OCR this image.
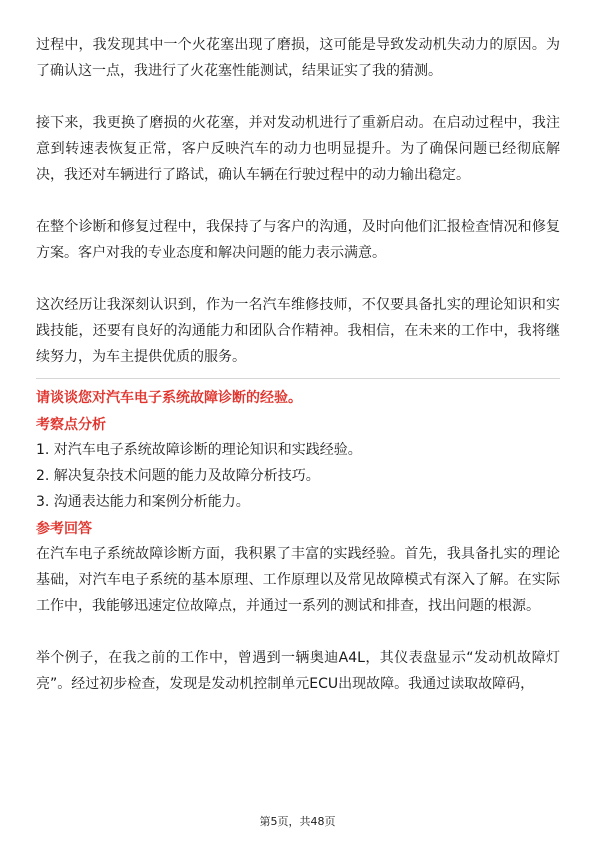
过程中，我发现其中一个火花塞出现了磨损，这可能是导致发动机失动力的原因。为了确认这一点，我进行了火花塞性能测试，结果证实了我的猜测。

接下来，我更换了磨损的火花塞，并对发动机进行了重新启动。在启动过程中，我注意到转速表恢复正常，客户反映汽车的动力也明显提升。为了确保问题已经彻底解决，我还对车辆进行了路试，确认车辆在行驶过程中的动力输出稳定。

在整个诊断和修复过程中，我保持了与客户的沟通，及时向他们汇报检查情况和修复方案。客户对我的专业态度和解决问题的能力表示满意。

这次经历让我深刻认识到，作为一名汽车维修技师，不仅要具备扎实的理论知识和实践技能，还要有良好的沟通能力和团队合作精神。我相信，在未来的工作中，我将继续努力，为车主提供优质的服务。

请谈谈您对汽车电子系统故障诊断的经验。

考察点分析

1. 对汽车电子系统故障诊断的理论知识和实践经验。

2. 解决复杂技术问题的能力及故障分析技巧。

3. 沟通表达能力和案例分析能力。

参考回答

在汽车电子系统故障诊断方面，我积累了丰富的实践经验。首先，我具备扎实的理论基础，对汽车电子系统的基本原理、工作原理以及常见故障模式有深入了解。在实际工作中，我能够迅速定位故障点，并通过一系列的测试和排查，找出问题的根源。

举个例子，在我之前的工作中，曾遇到一辆奥迪A4L，其仪表盘显示“发动机故障灯亮”。经过初步检查，发现是发动机控制单元ECU出现故障。我通过读取故障码，

第5页，共48页
